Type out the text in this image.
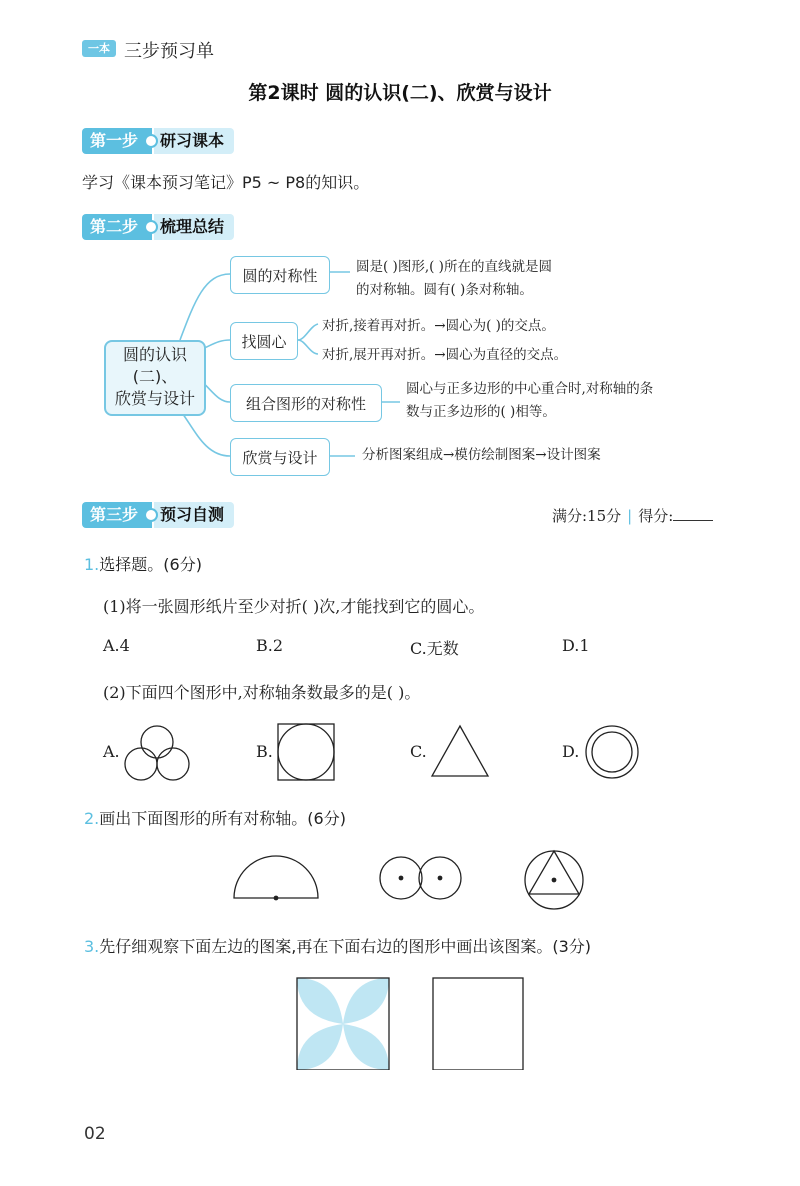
一本 三步预习单
第2课时 圆的认识(二)、欣赏与设计
第一步	研习课本
学习《课本预习笔记》P5 ~ P8的知识。
第二步	梳理总结
圆的认识
(二)、
欣赏与设计
圆的对称性
找圆心
组合图形的对称性
欣赏与设计
圆是( )图形,( )所在的直线就是圆
的对称轴。圆有( )条对称轴。
对折,接着再对折。→圆心为( )的交点。
对折,展开再对折。→圆心为直径的交点。
圆心与正多边形的中心重合时,对称轴的条
数与正多边形的( )相等。
分析图案组成→模仿绘制图案→设计图案
第三步	预习自测	满分:15分 | 得分:
1.选择题。(6分)
(1)将一张圆形纸片至少对折( )次,才能找到它的圆心。
A.4	B.2	C.无数	D.1
(2)下面四个图形中,对称轴条数最多的是( )。
A.	B.	C.	D.
2.画出下面图形的所有对称轴。(6分)
3.先仔细观察下面左边的图案,再在下面右边的图形中画出该图案。(3分)
02
